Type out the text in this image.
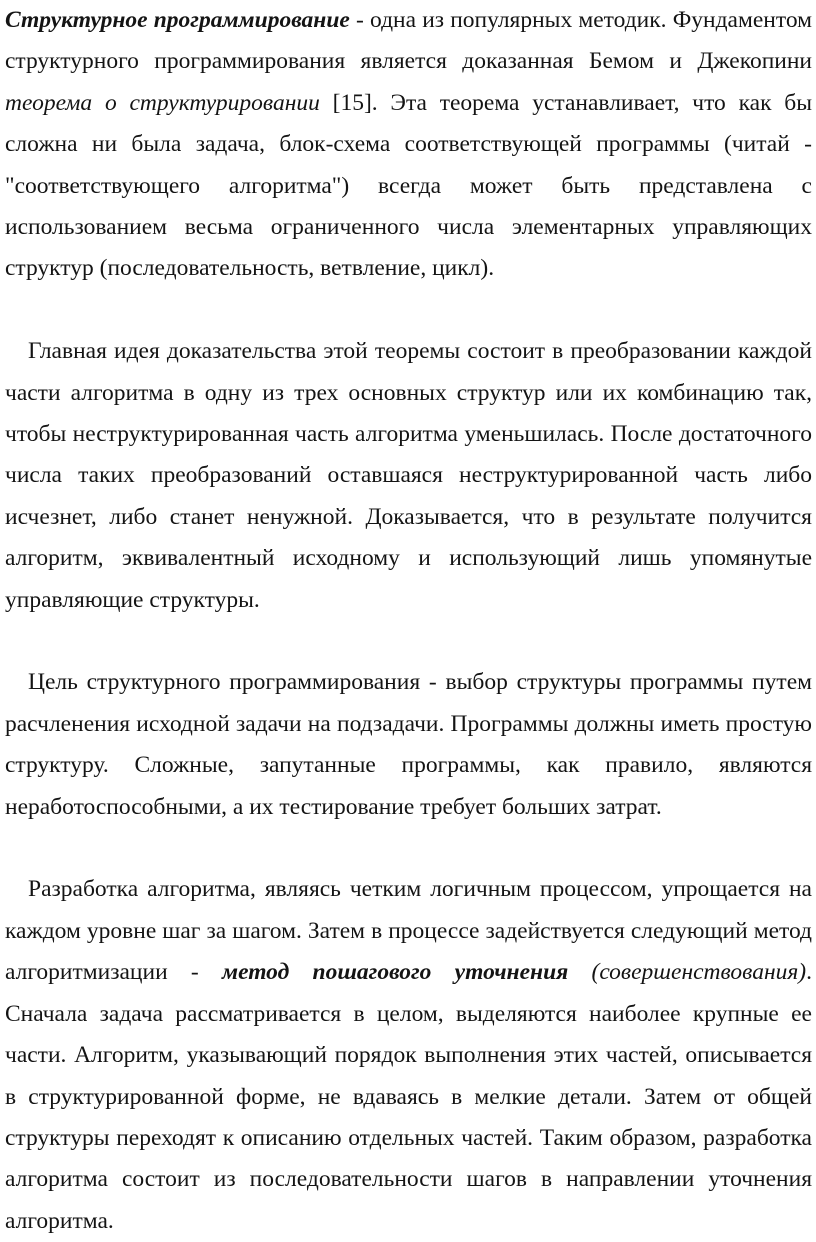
Структурное программирование - одна из популярных методик. Фундаментом структурного программирования является доказанная Бемом и Джекопини теорема о структурировании [15]. Эта теорема устанавливает, что как бы сложна ни была задача, блок-схема соответствующей программы (читай - "соответствующего алгоритма") всегда может быть представлена с использованием весьма ограниченного числа элементарных управляющих структур (последовательность, ветвление, цикл).

Главная идея доказательства этой теоремы состоит в преобразовании каждой части алгоритма в одну из трех основных структур или их комбинацию так, чтобы неструктурированная часть алгоритма уменьшилась. После достаточного числа таких преобразований оставшаяся неструктурированной часть либо исчезнет, либо станет ненужной. Доказывается, что в результате получится алгоритм, эквивалентный исходному и использующий лишь упомянутые управляющие структуры.

Цель структурного программирования - выбор структуры программы путем расчленения исходной задачи на подзадачи. Программы должны иметь простую структуру. Сложные, запутанные программы, как правило, являются неработоспособными, а их тестирование требует больших затрат.

Разработка алгоритма, являясь четким логичным процессом, упрощается на каждом уровне шаг за шагом. Затем в процессе задействуется следующий метод алгоритмизации - метод пошагового уточнения (совершенствования). Сначала задача рассматривается в целом, выделяются наиболее крупные ее части. Алгоритм, указывающий порядок выполнения этих частей, описывается в структурированной форме, не вдаваясь в мелкие детали. Затем от общей структуры переходят к описанию отдельных частей. Таким образом, разработка алгоритма состоит из последовательности шагов в направлении уточнения алгоритма.
